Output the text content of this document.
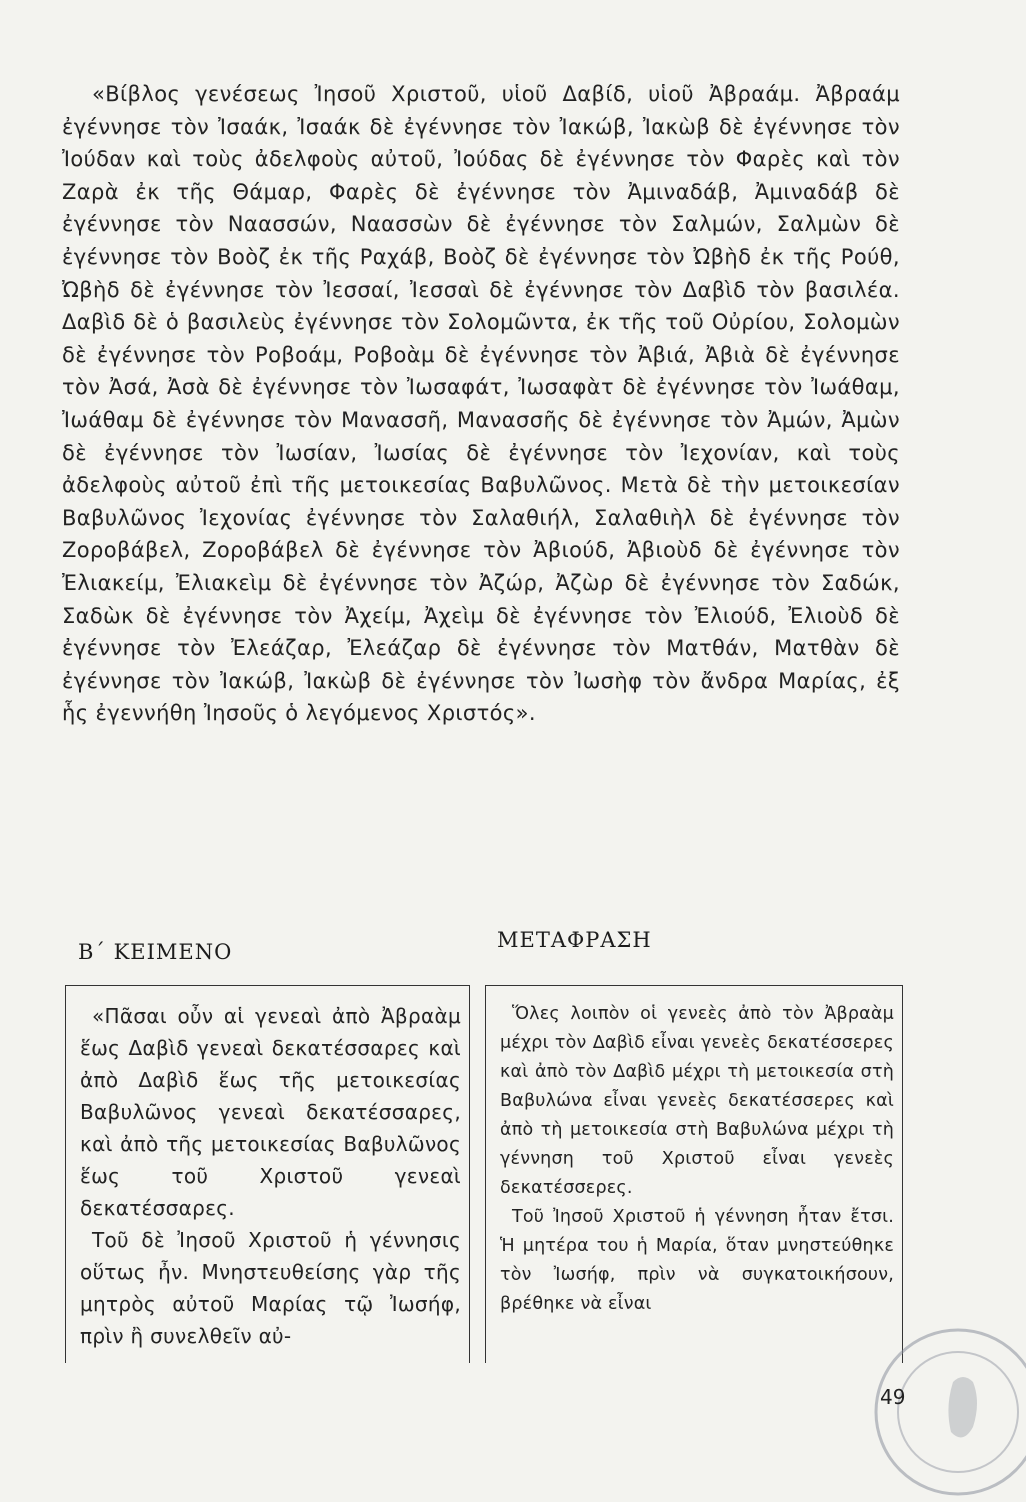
«Βίβλος γενέσεως Ἰησοῦ Χριστοῦ, υἱοῦ Δαβίδ, υἱοῦ Ἀβραάμ. Ἀβραάμ ἐγέννησε τὸν Ἰσαάκ, Ἰσαάκ δὲ ἐγέννησε τὸν Ἰακώβ, Ἰακὼβ δὲ ἐγέννησε τὸν Ἰούδαν καὶ τοὺς ἀδελφοὺς αὐτοῦ, Ἰούδας δὲ ἐγέννησε τὸν Φαρὲς καὶ τὸν Ζαρὰ ἐκ τῆς Θάμαρ, Φαρὲς δὲ ἐγέννησε τὸν Ἀμιναδάβ, Ἀμιναδάβ δὲ ἐγέννησε τὸν Ναασσών, Ναασσὼν δὲ ἐγέννησε τὸν Σαλμών, Σαλμὼν δὲ ἐγέννησε τὸν Βοὸζ ἐκ τῆς Ραχάβ, Βοὸζ δὲ ἐγέννησε τὸν Ὠβὴδ ἐκ τῆς Ρούθ, Ὠβὴδ δὲ ἐγέννησε τὸν Ἰεσσαί, Ἰεσσαὶ δὲ ἐγέννησε τὸν Δαβὶδ τὸν βασιλέα. Δαβὶδ δὲ ὁ βασιλεὺς ἐγέννησε τὸν Σολομῶντα, ἐκ τῆς τοῦ Οὐρίου, Σολομὼν δὲ ἐγέννησε τὸν Ροβοάμ, Ροβοὰμ δὲ ἐγέννησε τὸν Ἀβιά, Ἀβιὰ δὲ ἐγέννησε τὸν Ἀσά, Ἀσὰ δὲ ἐγέννησε τὸν Ἰωσαφάτ, Ἰωσαφὰτ δὲ ἐγέννησε τὸν Ἰωάθαμ, Ἰωάθαμ δὲ ἐγέννησε τὸν Μανασσῆ, Μανασσῆς δὲ ἐγέννησε τὸν Ἀμών, Ἀμὼν δὲ ἐγέννησε τὸν Ἰωσίαν, Ἰωσίας δὲ ἐγέννησε τὸν Ἰεχονίαν, καὶ τοὺς ἀδελφοὺς αὐτοῦ ἐπὶ τῆς μετοικεσίας Βαβυλῶνος. Μετὰ δὲ τὴν μετοικεσίαν Βαβυλῶνος Ἰεχονίας ἐγέννησε τὸν Σαλαθιήλ, Σαλαθιὴλ δὲ ἐγέννησε τὸν Ζοροβάβελ, Ζοροβάβελ δὲ ἐγέννησε τὸν Ἀβιούδ, Ἀβιοὺδ δὲ ἐγέννησε τὸν Ἐλιακείμ, Ἐλιακεὶμ δὲ ἐγέννησε τὸν Ἀζώρ, Ἀζὼρ δὲ ἐγέννησε τὸν Σαδώκ, Σαδὼκ δὲ ἐγέννησε τὸν Ἀχείμ, Ἀχεὶμ δὲ ἐγέννησε τὸν Ἐλιούδ, Ἐλιοὺδ δὲ ἐγέννησε τὸν Ἐλεάζαρ, Ἐλεάζαρ δὲ ἐγέννησε τὸν Ματθάν, Ματθὰν δὲ ἐγέννησε τὸν Ἰακώβ, Ἰακὼβ δὲ ἐγέννησε τὸν Ἰωσὴφ τὸν ἄνδρα Μαρίας, ἐξ ἧς ἐγεννήθη Ἰησοῦς ὁ λεγόμενος Χριστός».

Β΄ ΚΕΙΜΕΝΟ	ΜΕΤΑΦΡΑΣΗ

«Πᾶσαι οὖν αἱ γενεαὶ ἀπὸ Ἀβραὰμ ἕως Δαβὶδ γενεαὶ δεκατέσσαρες καὶ ἀπὸ Δαβὶδ ἕως τῆς μετοικεσίας Βαβυλῶνος γενεαὶ δεκατέσσαρες, καὶ ἀπὸ τῆς μετοικεσίας Βαβυλῶνος ἕως τοῦ Χριστοῦ γενεαὶ δεκατέσσαρες.

Τοῦ δὲ Ἰησοῦ Χριστοῦ ἡ γέννησις οὕτως ἦν. Μνηστευθείσης γὰρ τῆς μητρὸς αὐτοῦ Μαρίας τῷ Ἰωσήφ, πρὶν ἢ συνελθεῖν αὐ-

Ὅλες λοιπὸν οἱ γενεὲς ἀπὸ τὸν Ἀβραὰμ μέχρι τὸν Δαβὶδ εἶναι γενεὲς δεκατέσσερες καὶ ἀπὸ τὸν Δαβὶδ μέχρι τὴ μετοικεσία στὴ Βαβυλώνα εἶναι γενεὲς δεκατέσσερες καὶ ἀπὸ τὴ μετοικεσία στὴ Βαβυλώνα μέχρι τὴ γέννηση τοῦ Χριστοῦ εἶναι γενεὲς δεκατέσσερες.

Τοῦ Ἰησοῦ Χριστοῦ ἡ γέννηση ἦταν ἔτσι. Ἡ μητέρα του ἡ Μαρία, ὅταν μνηστεύθηκε τὸν Ἰωσήφ, πρὶν νὰ συγκατοικήσουν, βρέθηκε νὰ εἶναι

49
